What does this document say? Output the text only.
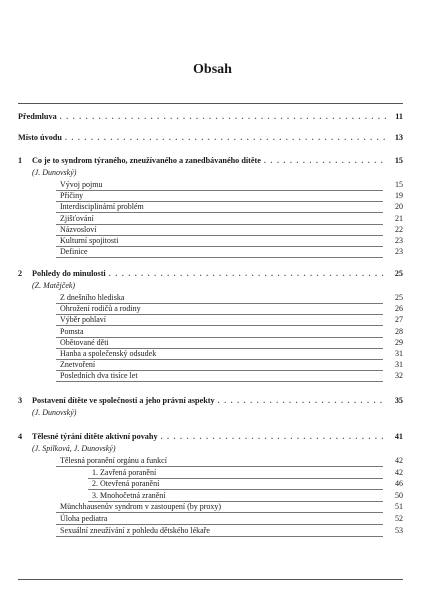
Obsah
Předmluva . . .	11
Místo úvodu . . .	13
1 Co je to syndrom týraného, zneužívaného a zanedbávaného dítěte . . .	15
(J. Dunovský)
Vývoj pojmu	15
Příčiny	19
Interdisciplinární problém	20
Zjišťování	21
Názvosloví	22
Kulturní spojitosti	23
Definice	23
2 Pohledy do minulosti . . .	25
(Z. Matějček)
Z dnešního hlediska	25
Ohrožení rodičů a rodiny	26
Výběr pohlaví	27
Pomsta	28
Obětované děti	29
Hanba a společenský odsudek	31
Znetvoření	31
Posledních dva tisíce let	32
3 Postavení dítěte ve společnosti a jeho právní aspekty . . .	35
(J. Dunovský)
4 Tělesné týrání dítěte aktivní povahy . . .	41
(J. Spilková, J. Dunovský)
Tělesná poranění orgánu a funkcí	42
1. Zavřená poranění	42
2. Otevřená poranění	46
3. Mnohočetná zranění	50
Münchhausenův syndrom v zastoupení (by proxy)	51
Úloha pediatra	52
Sexuální zneužívání z pohledu dětského lékaře	53
